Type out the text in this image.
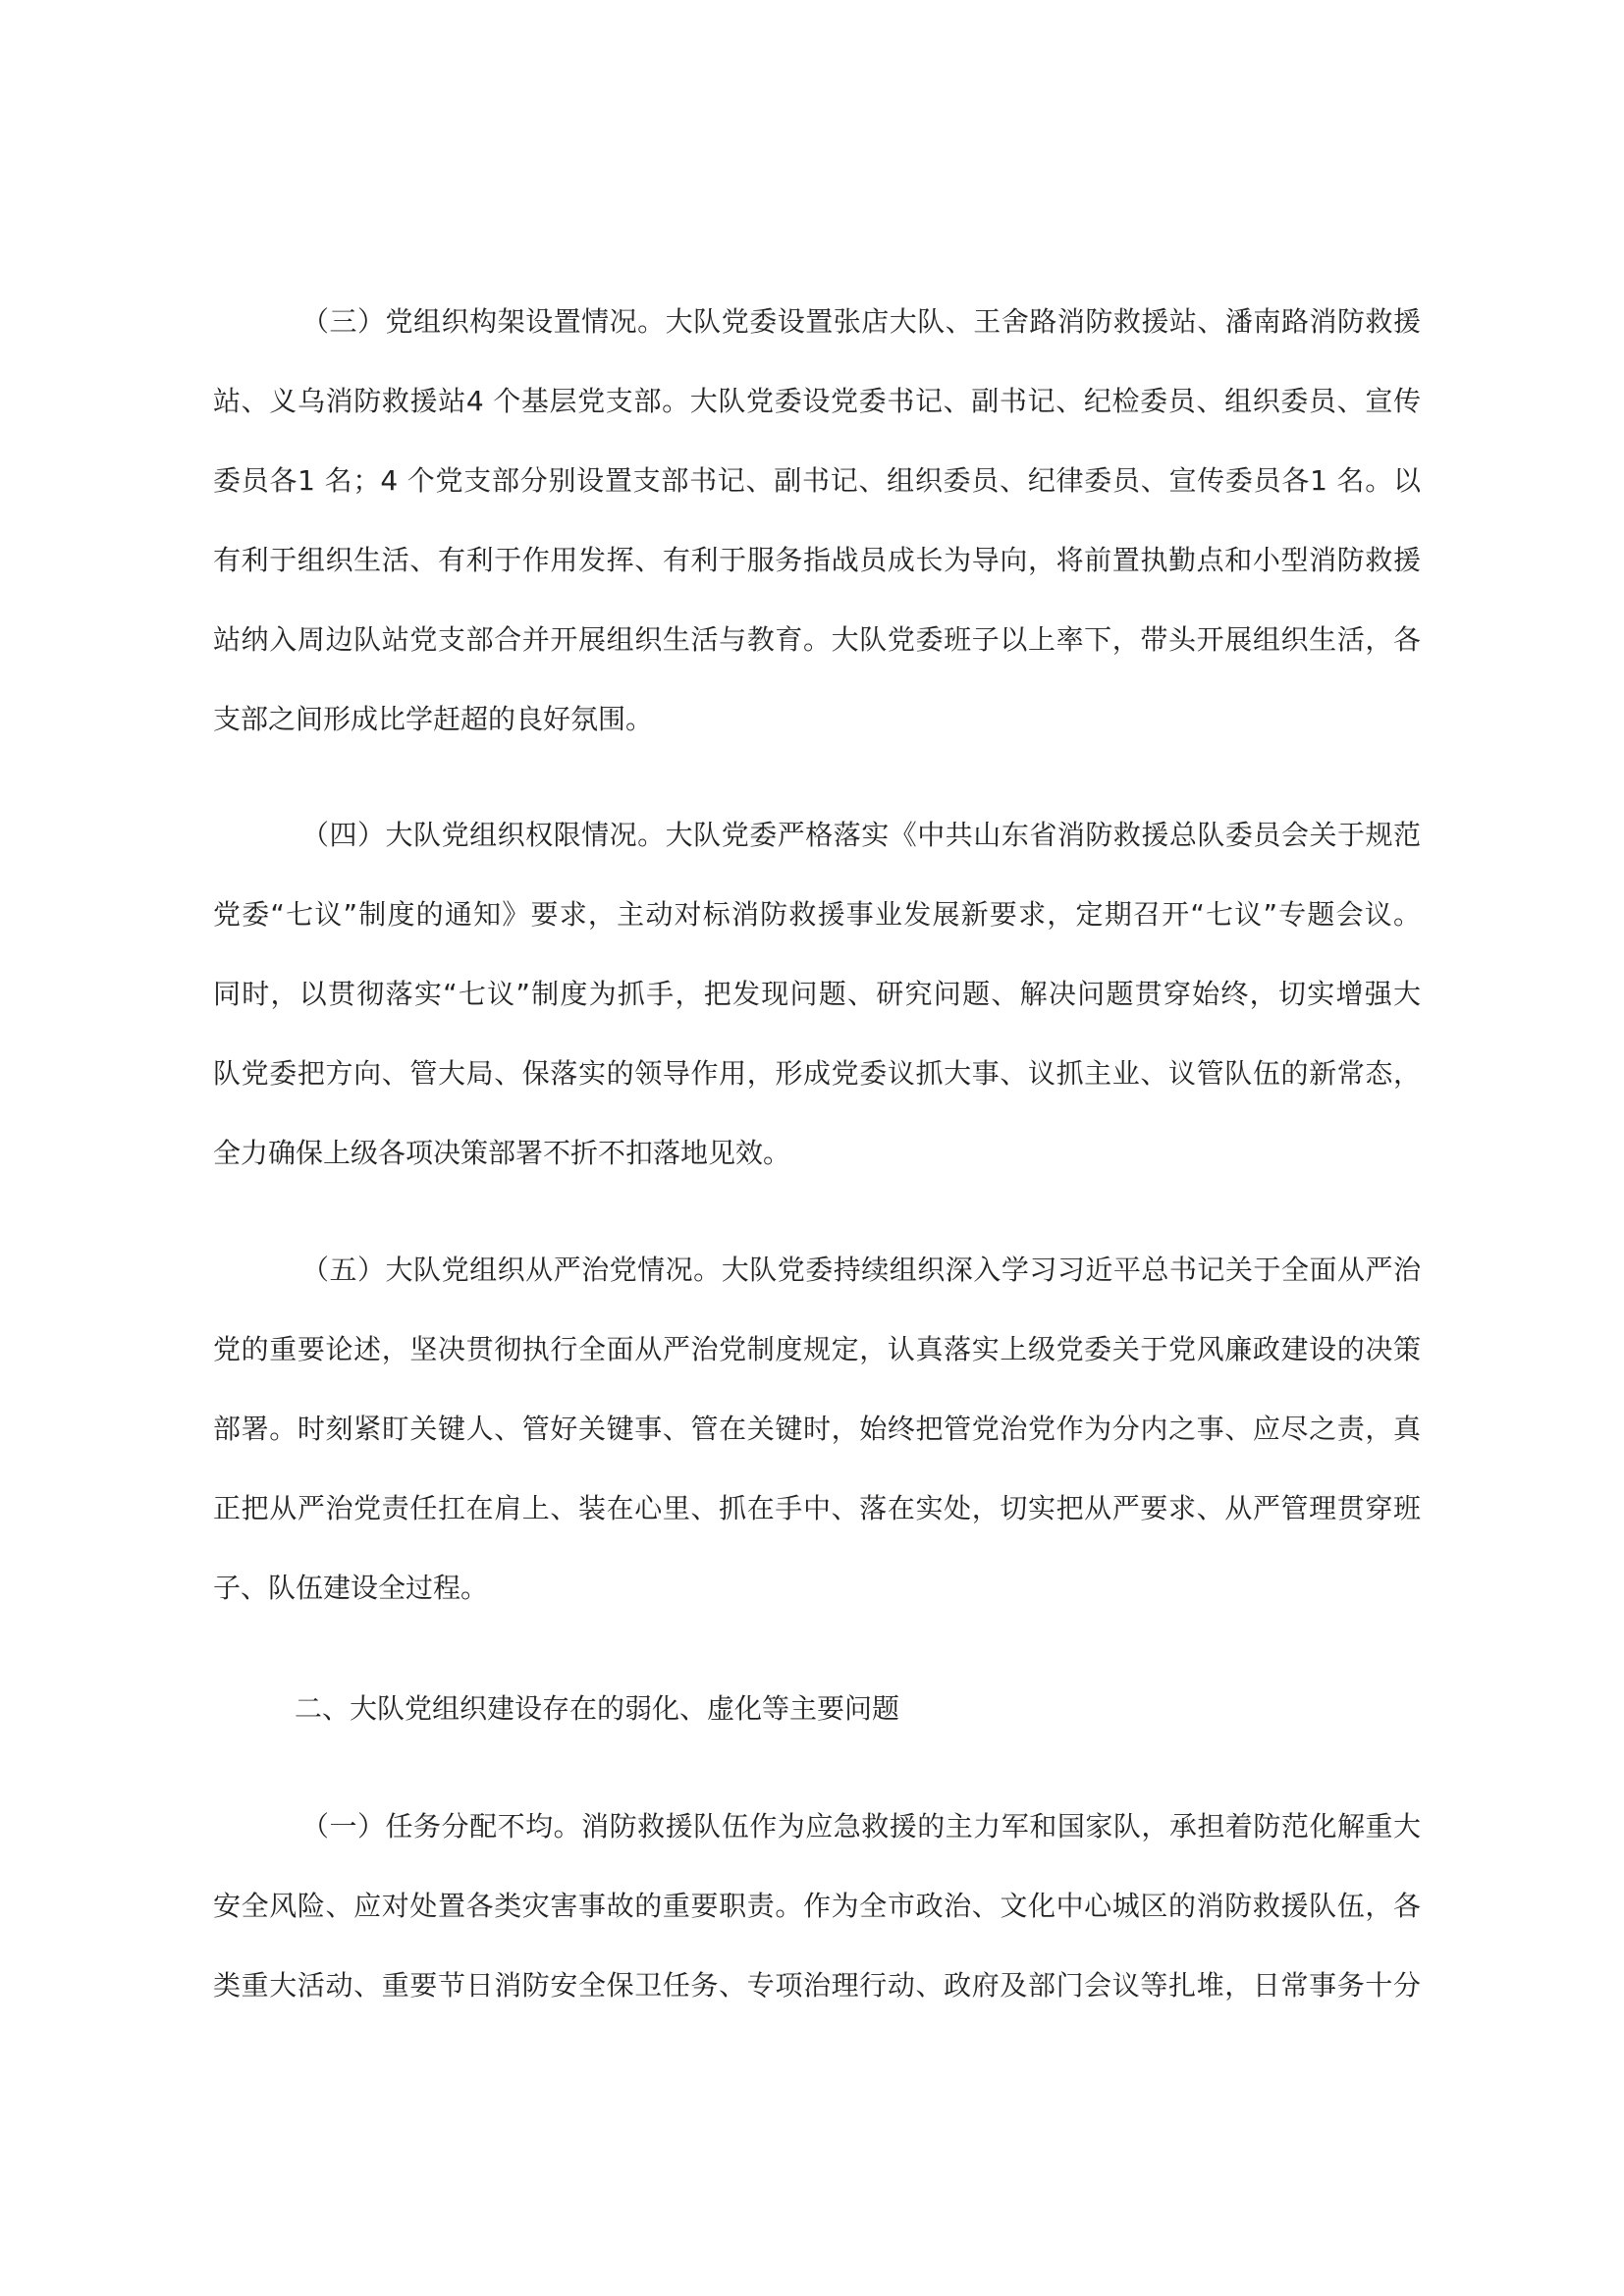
（三）党组织构架设置情况。大队党委设置张店大队、王舍路消防救援站、潘南路消防救援
站、义乌消防救援站4 个基层党支部。大队党委设党委书记、副书记、纪检委员、组织委员、宣传
委员各1 名；4 个党支部分别设置支部书记、副书记、组织委员、纪律委员、宣传委员各1 名。以
有利于组织生活、有利于作用发挥、有利于服务指战员成长为导向，将前置执勤点和小型消防救援
站纳入周边队站党支部合并开展组织生活与教育。大队党委班子以上率下，带头开展组织生活，各
支部之间形成比学赶超的良好氛围。
（四）大队党组织权限情况。大队党委严格落实《中共山东省消防救援总队委员会关于规范
党委“七议”制度的通知》要求，主动对标消防救援事业发展新要求，定期召开“七议”专题会议。
同时，以贯彻落实“七议”制度为抓手，把发现问题、研究问题、解决问题贯穿始终，切实增强大
队党委把方向、管大局、保落实的领导作用，形成党委议抓大事、议抓主业、议管队伍的新常态，
全力确保上级各项决策部署不折不扣落地见效。
（五）大队党组织从严治党情况。大队党委持续组织深入学习习近平总书记关于全面从严治
党的重要论述，坚决贯彻执行全面从严治党制度规定，认真落实上级党委关于党风廉政建设的决策
部署。时刻紧盯关键人、管好关键事、管在关键时，始终把管党治党作为分内之事、应尽之责，真
正把从严治党责任扛在肩上、装在心里、抓在手中、落在实处，切实把从严要求、从严管理贯穿班
子、队伍建设全过程。
二、大队党组织建设存在的弱化、虚化等主要问题
（一）任务分配不均。消防救援队伍作为应急救援的主力军和国家队，承担着防范化解重大
安全风险、应对处置各类灾害事故的重要职责。作为全市政治、文化中心城区的消防救援队伍，各
类重大活动、重要节日消防安全保卫任务、专项治理行动、政府及部门会议等扎堆，日常事务十分
